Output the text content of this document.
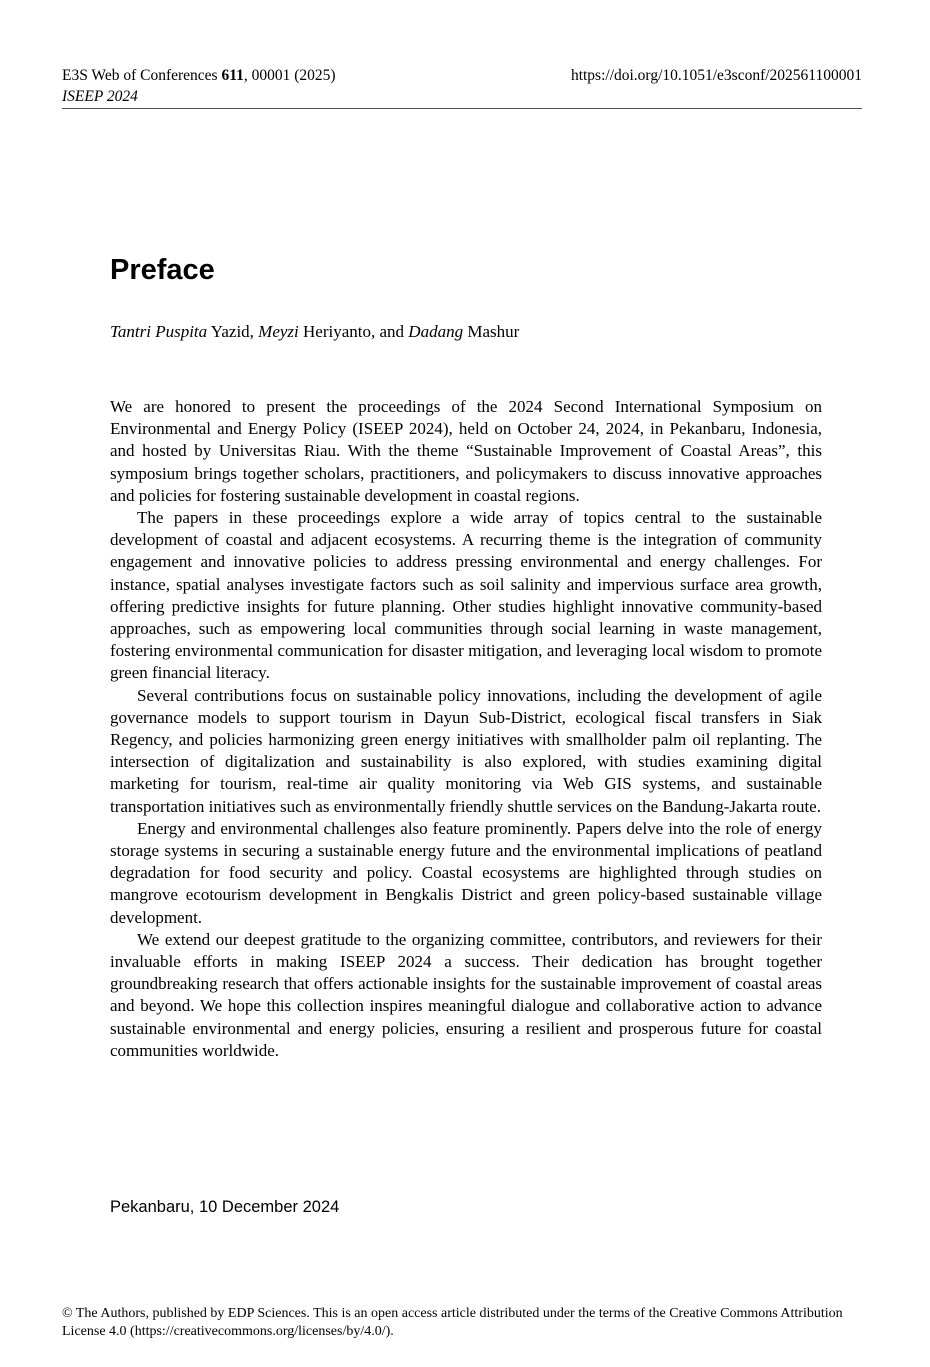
E3S Web of Conferences 611, 00001 (2025)	https://doi.org/10.1051/e3sconf/202561100001
ISEEP 2024
Preface
Tantri Puspita Yazid, Meyzi Heriyanto, and Dadang Mashur

We are honored to present the proceedings of the 2024 Second International Symposium on Environmental and Energy Policy (ISEEP 2024), held on October 24, 2024, in Pekanbaru, Indonesia, and hosted by Universitas Riau. With the theme “Sustainable Improvement of Coastal Areas”, this symposium brings together scholars, practitioners, and policymakers to discuss innovative approaches and policies for fostering sustainable development in coastal regions.

The papers in these proceedings explore a wide array of topics central to the sustainable development of coastal and adjacent ecosystems. A recurring theme is the integration of community engagement and innovative policies to address pressing environmental and energy challenges. For instance, spatial analyses investigate factors such as soil salinity and impervious surface area growth, offering predictive insights for future planning. Other studies highlight innovative community-based approaches, such as empowering local communities through social learning in waste management, fostering environmental communication for disaster mitigation, and leveraging local wisdom to promote green financial literacy.

Several contributions focus on sustainable policy innovations, including the development of agile governance models to support tourism in Dayun Sub-District, ecological fiscal transfers in Siak Regency, and policies harmonizing green energy initiatives with smallholder palm oil replanting. The intersection of digitalization and sustainability is also explored, with studies examining digital marketing for tourism, real-time air quality monitoring via Web GIS systems, and sustainable transportation initiatives such as environmentally friendly shuttle services on the Bandung-Jakarta route.

Energy and environmental challenges also feature prominently. Papers delve into the role of energy storage systems in securing a sustainable energy future and the environmental implications of peatland degradation for food security and policy. Coastal ecosystems are highlighted through studies on mangrove ecotourism development in Bengkalis District and green policy-based sustainable village development.

We extend our deepest gratitude to the organizing committee, contributors, and reviewers for their invaluable efforts in making ISEEP 2024 a success. Their dedication has brought together groundbreaking research that offers actionable insights for the sustainable improvement of coastal areas and beyond. We hope this collection inspires meaningful dialogue and collaborative action to advance sustainable environmental and energy policies, ensuring a resilient and prosperous future for coastal communities worldwide.

Pekanbaru, 10 December 2024
© The Authors, published by EDP Sciences. This is an open access article distributed under the terms of the Creative Commons Attribution License 4.0 (https://creativecommons.org/licenses/by/4.0/).
